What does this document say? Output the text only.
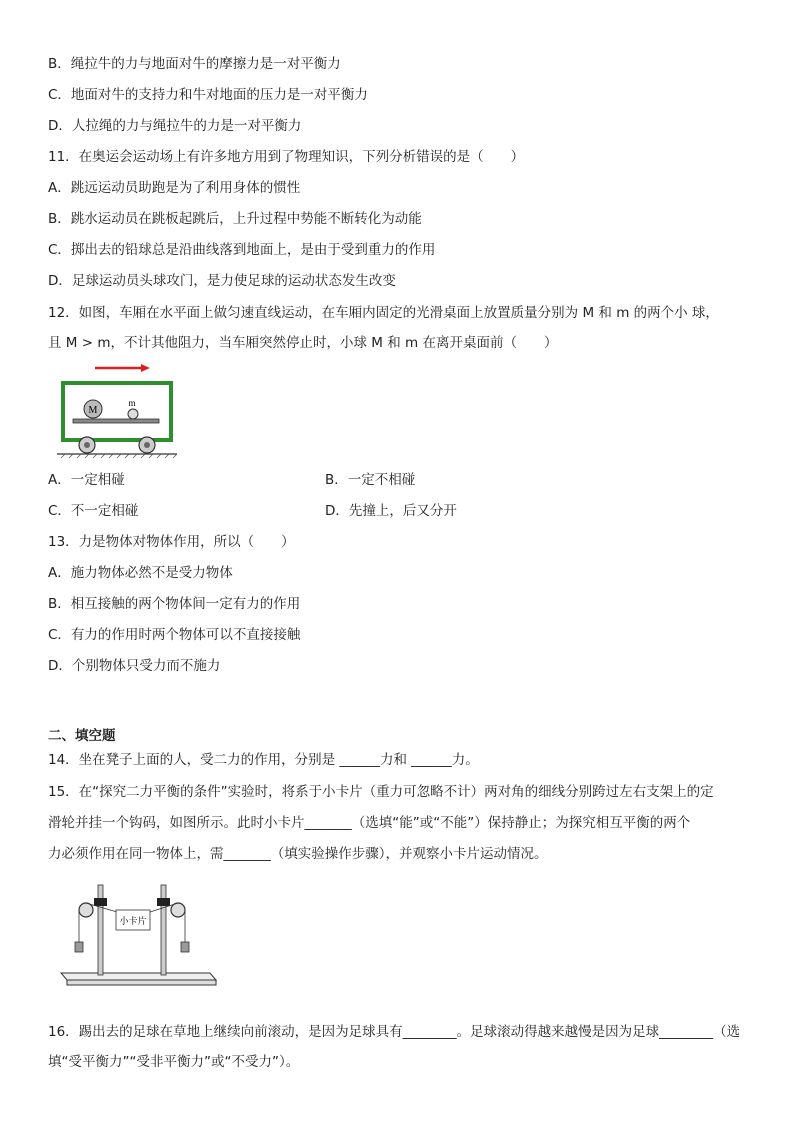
B．绳拉牛的力与地面对牛的摩擦力是一对平衡力
C．地面对牛的支持力和牛对地面的压力是一对平衡力
D．人拉绳的力与绳拉牛的力是一对平衡力
11．在奥运会运动场上有许多地方用到了物理知识，下列分析错误的是（　　）
A．跳远运动员助跑是为了利用身体的惯性
B．跳水运动员在跳板起跳后，上升过程中势能不断转化为动能
C．掷出去的铅球总是沿曲线落到地面上，是由于受到重力的作用
D．足球运动员头球攻门，是力使足球的运动状态发生改变
12．如图，车厢在水平面上做匀速直线运动，在车厢内固定的光滑桌面上放置质量分别为 M 和 m 的两个小 球，
且 M > m，不计其他阻力，当车厢突然停止时，小球 M 和 m 在离开桌面前（　　）
M
m
A．一定相碰	B．一定不相碰
C．不一定相碰	D．先撞上，后又分开
13．力是物体对物体作用，所以（　　）
A．施力物体必然不是受力物体
B．相互接触的两个物体间一定有力的作用
C．有力的作用时两个物体可以不直接接触
D．个别物体只受力而不施力
二、填空题
14．坐在凳子上面的人，受二力的作用，分别是 ______力和 ______力。
15．在“探究二力平衡的条件”实验时，将系于小卡片（重力可忽略不计）两对角的细线分别跨过左右支架上的定
滑轮并挂一个钩码，如图所示。此时小卡片_______（选填“能”或“不能”）保持静止；为探究相互平衡的两个
力必须作用在同一物体上，需_______（填实验操作步骤），并观察小卡片运动情况。
小卡片
16．踢出去的足球在草地上继续向前滚动，是因为足球具有________。足球滚动得越来越慢是因为足球________（选
填“受平衡力”“受非平衡力”或“不受力”）。
